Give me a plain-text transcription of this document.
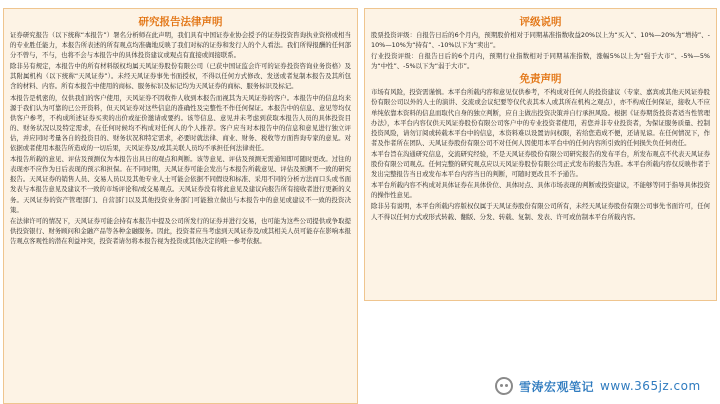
研究报告法律声明

证券研究报告（以下统称“本报告”）署名分析师在此声明，我们具有中国证券业协会授予的证券投资咨询执业资格或相当的专业胜任能力，本报告所表述的所有观点均准确地反映了我们对标的证券和发行人的个人看法。我们所得报酬的任何部分不曾与，不与，也将不会与本报告中的具体投资建议或观点有直接或间接联系。

除非另有规定，本报告中的所有材料版权均属天风证券股份有限公司（已获中国证监会许可的证券投资咨询业务资格）及其附属机构（以下统称“天风证券”）。未经天风证券事先书面授权，不得以任何方式修改、发送或者复制本报告及其所包含的材料、内容。所有本报告中使用的商标、服务标识及标记均为天风证券的商标、服务标识及标记。

本报告是机密的，仅供我们的客户使用，天风证券不因收件人收到本报告而视其为天风证券的客户。本报告中的信息均来源于我们认为可靠的已公开资料，但天风证券对这些信息的准确性及完整性不作任何保证。本报告中的信息、意见等均仅供客户参考，不构成所述证券买卖的出价或征价邀请或要约。该等信息、意见并未考虑到获取本报告人员的具体投资目的、财务状况以及特定需求，在任何时候均不构成对任何人的个人推荐。客户应当对本报告中的信息和意见进行独立评估，并应同时考量各自的投资目的、财务状况和特定需求，必要时就法律、商业、财务、税收等方面咨询专家的意见。对依据或者使用本报告所造成的一切后果，天风证券及/或其关联人员均不承担任何法律责任。

本报告所载的意见、评估及预测仅为本报告出具日的观点和判断。该等意见、评估及预测无需通知即可随时更改。过往的表现亦不应作为日后表现的预示和担保。在不同时期，天风证券可能会发出与本报告所载意见、评估及预测不一致的研究报告。天风证券的销售人员、交易人员以及其他专业人士可能会依据不同假设和标准、采用不同的分析方法而口头或书面发表与本报告意见及建议不一致的市场评论和/或交易观点。天风证券没有将此意见及建议向报告所有接收者进行更新的义务。天风证券的资产管理部门、自营部门以及其他投资业务部门可能独立做出与本报告中的意见或建议不一致的投资决策。

在法律许可的情况下，天风证券可能会持有本报告中提及公司所发行的证券并进行交易，也可能为这些公司提供或争取提供投资银行、财务顾问和金融产品等各种金融服务。因此，投资者应当考虑到天风证券及/或其相关人员可能存在影响本报告观点客观性的潜在利益冲突，投资者请勿将本报告视为投资或其他决定的唯一参考依据。

评级说明

股票投资评级：自报告日后的6个月内，预期股价相对于同期基准指数收益20%以上为“买入”、10%—20%为“增持”、-10%—10%为“持有”、-10%以下为“卖出”。

行业投资评级：自报告日后的6个月内，预期行业指数相对于同期基准指数，涨幅5%以上为“强于大市”、-5%—5%为“中性”、-5%以下为“弱于大市”。

免责声明

市场有风险，投资需谨慎。本平台所载内容和意见仅供参考，不构成对任何人的投资建议（专家、嘉宾或其他天风证券股份有限公司以外的人士的演讲、交流或会议纪要等仅代表其本人或其所在机构之观点），亦不构成任何保证，接收人不应单纯依靠本资料的信息而取代自身的独立判断，应自主做出投资决策并自行承担风险。根据《证券期货投资者适当性管理办法》，本平台内容仅供天风证券股份有限公司客户中的专业投资者使用，若您并非专业投资者，为保证服务质量、控制投资风险，请勿订阅或转载本平台中的信息，本资料难以设置访问权限，若给您造成不便，还请见谅。在任何情况下，作者及作者所在团队、天风证券股份有限公司不对任何人因使用本平台中的任何内容所引致的任何损失负任何责任。

本平台旨在沟通研究信息，交流研究经验，不是天风证券股份有限公司研究报告的发布平台，所发布观点不代表天风证券股份有限公司观点。任何完整的研究观点应以天风证券股份有限公司正式发布的报告为准。本平台所载内容仅反映作者于发出完整报告当日或发布本平台内容当日的判断，可随时更改且不予通告。

本平台所载内容不构成对具体证券在具体价位、具体时点、具体市场表现的判断或投资建议，不能够等同于指导具体投资的操作性意见。

除非另有说明，本平台所载内容版权仅属于天风证券股份有限公司所有，未经天风证券股份有限公司事先书面许可，任何人不得以任何方式或形式转载、翻版、分发、转载、复制、发表、许可或仿制本平台所载内容。

雪涛宏观笔记 www.365jz.com
